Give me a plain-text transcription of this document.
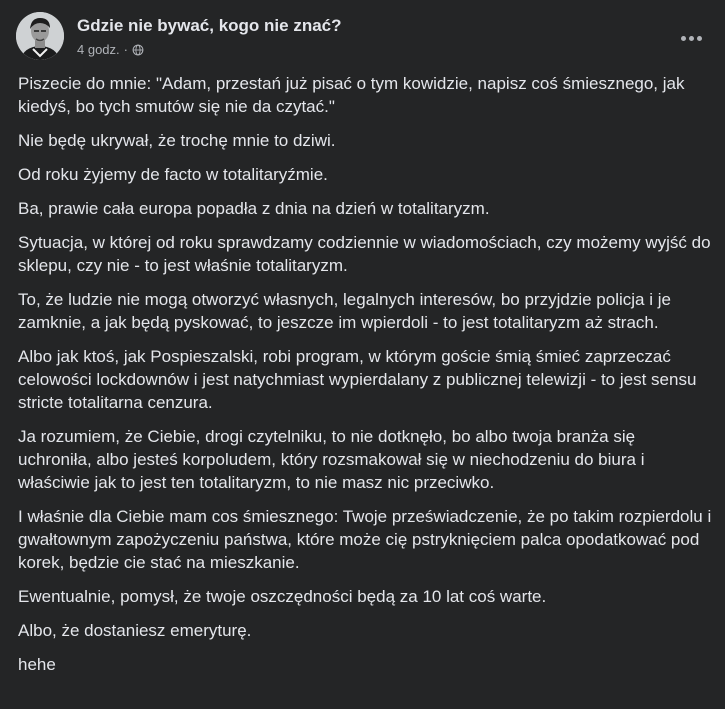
Gdzie nie bywać, kogo nie znać?
4 godz. ·

Piszecie do mnie: "Adam, przestań już pisać o tym kowidzie, napisz coś śmiesznego, jak kiedyś, bo tych smutów się nie da czytać."

Nie będę ukrywał, że trochę mnie to dziwi.

Od roku żyjemy de facto w totalitaryźmie.

Ba, prawie cała europa popadła z dnia na dzień w totalitaryzm.

Sytuacja, w której od roku sprawdzamy codziennie w wiadomościach, czy możemy wyjść do sklepu, czy nie - to jest właśnie totalitaryzm.

To, że ludzie nie mogą otworzyć własnych, legalnych interesów, bo przyjdzie policja i je zamknie, a jak będą pyskować, to jeszcze im wpierdoli - to jest totalitaryzm aż strach.

Albo jak ktoś, jak Pospieszalski, robi program, w którym goście śmią śmieć zaprzeczać celowości lockdownów i jest natychmiast wypierdalany z publicznej telewizji - to jest sensu stricte totalitarna cenzura.

Ja rozumiem, że Ciebie, drogi czytelniku, to nie dotknęło, bo albo twoja branża się uchroniła, albo jesteś korpoludem, który rozsmakował się w niechodzeniu do biura i właściwie jak to jest ten totalitaryzm, to nie masz nic przeciwko.

I właśnie dla Ciebie mam cos śmiesznego: Twoje przeświadczenie, że po takim rozpierdolu i gwałtownym zapożyczeniu państwa, które może cię pstryknięciem palca opodatkować pod korek, będzie cie stać na mieszkanie.

Ewentualnie, pomysł, że twoje oszczędności będą za 10 lat coś warte.

Albo, że dostaniesz emeryturę.

hehe
